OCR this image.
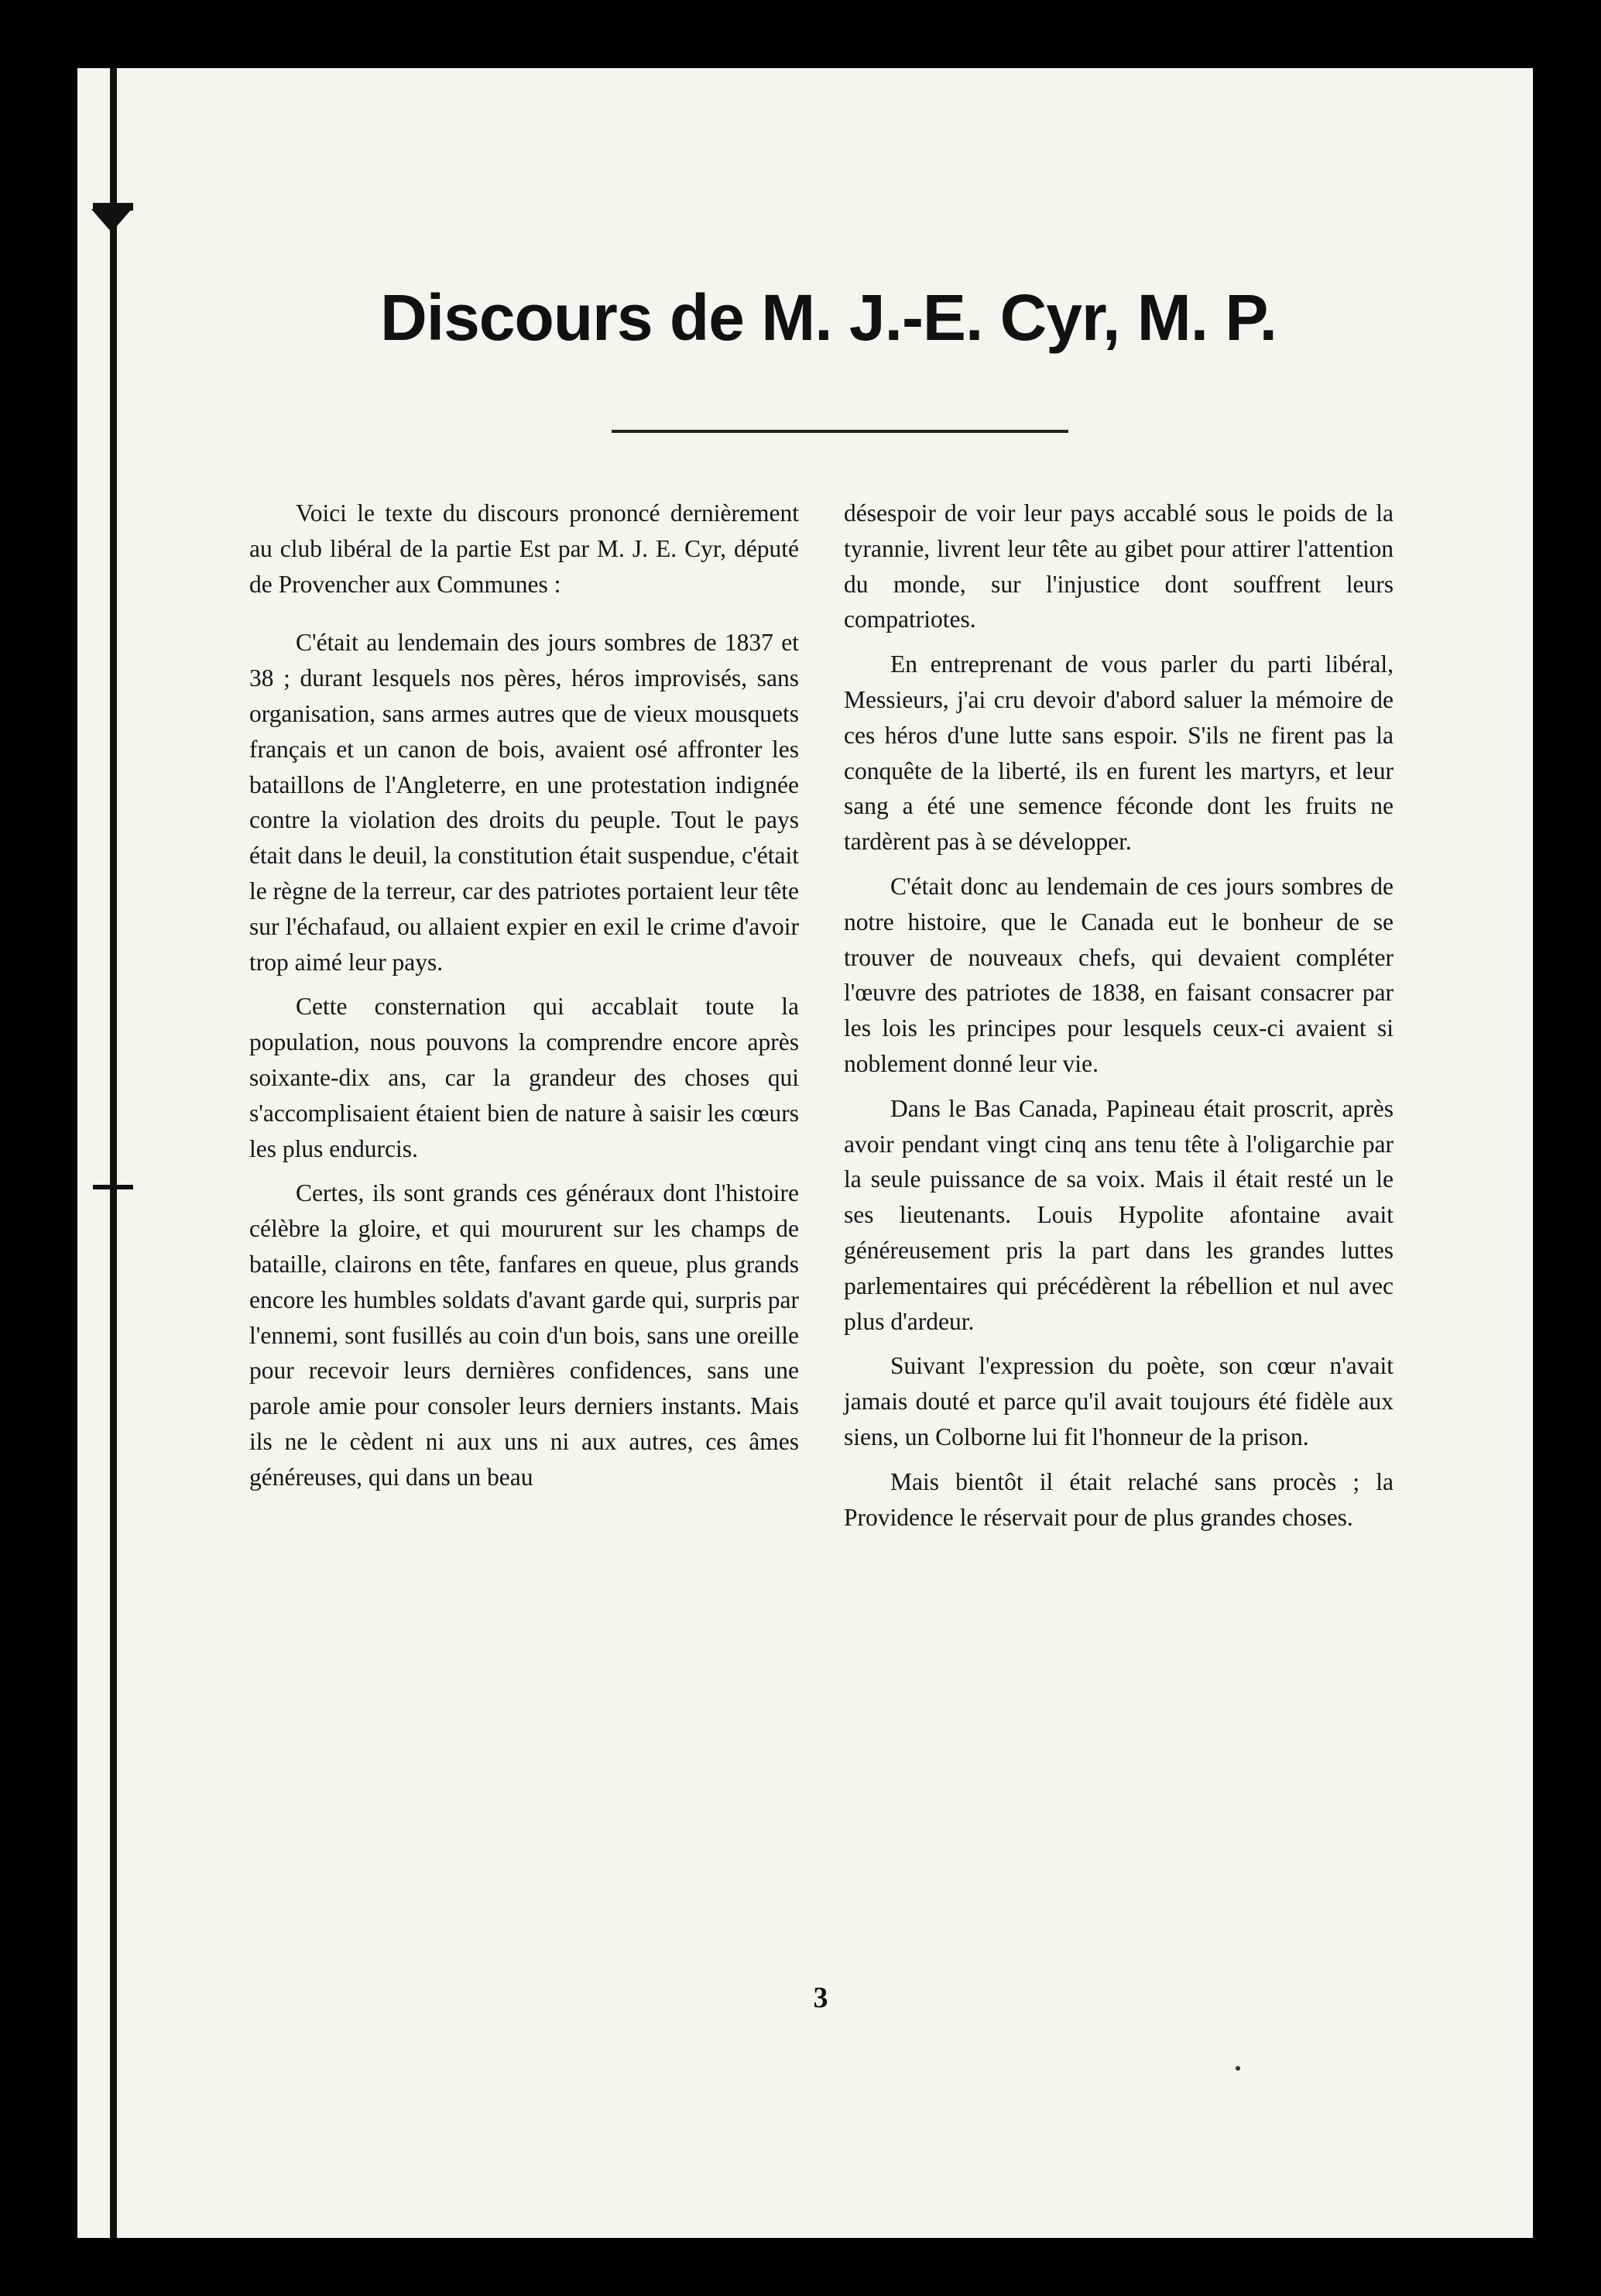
Discours de M. J.-E. Cyr, M. P.

Voici le texte du discours prononcé dernièrement au club libéral de la partie Est par M. J. E. Cyr, député de Provencher aux Communes :

C'était au lendemain des jours sombres de 1837 et 38 ; durant lesquels nos pères, héros improvisés, sans organisation, sans armes autres que de vieux mousquets français et un canon de bois, avaient osé affronter les bataillons de l'Angleterre, en une protestation indignée contre la violation des droits du peuple. Tout le pays était dans le deuil, la constitution était suspendue, c'était le règne de la terreur, car des patriotes portaient leur tête sur l'échafaud, ou allaient expier en exil le crime d'avoir trop aimé leur pays.

Cette consternation qui accablait toute la population, nous pouvons la comprendre encore après soixante-dix ans, car la grandeur des choses qui s'accomplisaient étaient bien de nature à saisir les cœurs les plus endurcis.

Certes, ils sont grands ces généraux dont l'histoire célèbre la gloire, et qui moururent sur les champs de bataille, clairons en tête, fanfares en queue, plus grands encore les humbles soldats d'avant garde qui, surpris par l'ennemi, sont fusillés au coin d'un bois, sans une oreille pour recevoir leurs dernières confidences, sans une parole amie pour consoler leurs derniers instants. Mais ils ne le cèdent ni aux uns ni aux autres, ces âmes généreuses, qui dans un beau

désespoir de voir leur pays accablé sous le poids de la tyrannie, livrent leur tête au gibet pour attirer l'attention du monde, sur l'injustice dont souffrent leurs compatriotes.

En entreprenant de vous parler du parti libéral, Messieurs, j'ai cru devoir d'abord saluer la mémoire de ces héros d'une lutte sans espoir. S'ils ne firent pas la conquête de la liberté, ils en furent les martyrs, et leur sang a été une semence féconde dont les fruits ne tardèrent pas à se développer.

C'était donc au lendemain de ces jours sombres de notre histoire, que le Canada eut le bonheur de se trouver de nouveaux chefs, qui devaient compléter l'œuvre des patriotes de 1838, en faisant consacrer par les lois les principes pour lesquels ceux-ci avaient si noblement donné leur vie.

Dans le Bas Canada, Papineau était proscrit, après avoir pendant vingt cinq ans tenu tête à l'oligarchie par la seule puissance de sa voix. Mais il était resté un le ses lieutenants. Louis Hypolite afontaine avait généreusement pris la part dans les grandes luttes parlementaires qui précédèrent la rébellion et nul avec plus d'ardeur.

Suivant l'expression du poète, son cœur n'avait jamais douté et parce qu'il avait toujours été fidèle aux siens, un Colborne lui fit l'honneur de la prison.

Mais bientôt il était relaché sans procès ; la Providence le réservait pour de plus grandes choses.

3
